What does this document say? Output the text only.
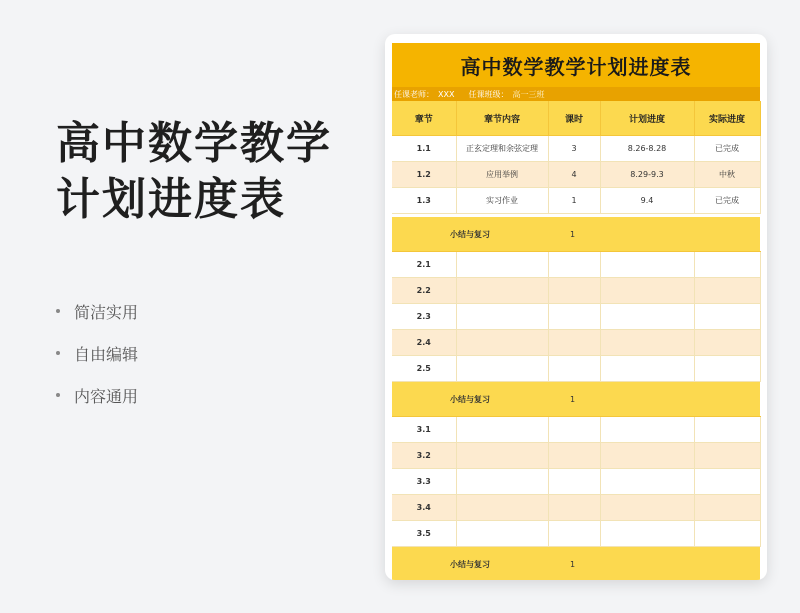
高中数学教学
计划进度表
简洁实用
自由编辑
内容通用
高中数学教学计划进度表
任课老师： XXX 任课班级： 高一三班
章节	章节内容	课时	计划进度	实际进度
1.1	正玄定理和余弦定理	3	8.26-8.28	已完成
1.2	应用举例	4	8.29-9.3	中秋
1.3	实习作业	1	9.4	已完成

小结与复习		1		
2.1				
2.2				
2.3				
2.4				
2.5				
小结与复习		1		
3.1				
3.2				
3.3				
3.4				
3.5				
小结与复习		1		
